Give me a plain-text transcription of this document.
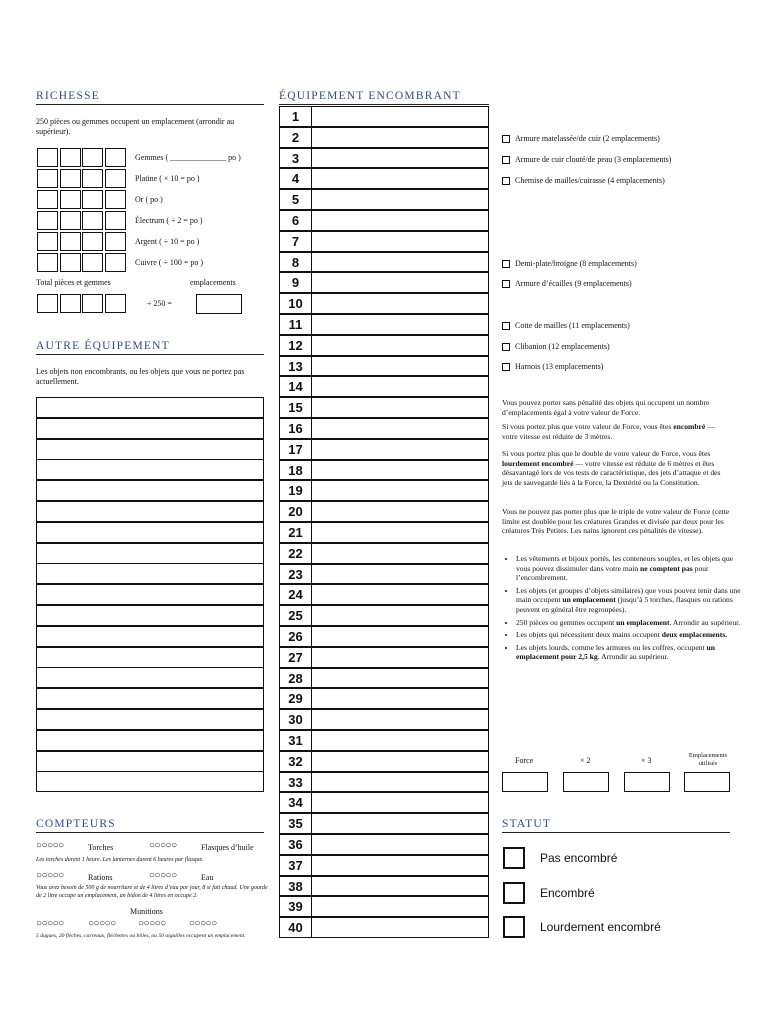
RICHESSE
250 pièces ou gemmes occupent un emplacement (arrondir au supérieur).
Gemmes ( ______________ po )
Platine ( × 10 = po )
Or ( po )
Électrum ( ÷ 2 = po )
Argent ( ÷ 10 = po )
Cuivre ( ÷ 100 = po )
Total pièces et gemmes	emplacements
÷ 250 =
AUTRE ÉQUIPEMENT
Les objets non encombrants, ou les objets que vous ne portez pas actuellement.
COMPTEURS
○○○○○	Torches	○○○○○	Flasques d’huile
Les torches durent 1 heure. Les lanternes durent 6 heures par flasque.
○○○○○	Rations	○○○○○	Eau
Vous avez besoin de 500 g de nourriture et de 4 litres d’eau par jour, 8 si fait chaud. Une gourde de 2 litre occupe un emplacement, un bidon de 4 litres en occupe 2.
Munitions
○○○○○ ○○○○○ ○○○○○ ○○○○○
5 dagues, 20 flèches, carreaux, fléchettes ou billes, ou 50 aiguilles occupent un emplacement.
ÉQUIPEMENT ENCOMBRANT
1
2
3
4
5
6
7
8
9
10
11
12
13
14
15
16
17
18
19
20
21
22
23
24
25
26
27
28
29
30
31
32
33
34
35
36
37
38
39
40
Armure matelassée/de cuir (2 emplacements)
Armure de cuir clouté/de peau (3 emplacements)
Chemise de mailles/cuirasse (4 emplacements)
Demi-plate/broigne (8 emplacements)
Armure d’écailles (9 emplacements)
Cotte de mailles (11 emplacements)
Clibanion (12 emplacements)
Harnois (13 emplacements)
Vous pouvez porter sans pénalité des objets qui occupent un nombre d’emplacements égal à votre valeur de Force.
Si vous portez plus que votre valeur de Force, vous êtes encombré — votre vitesse est réduite de 3 mètres.
Si vous portez plus que le double de votre valeur de Force, vous êtes lourdement encombré — votre vitesse est réduite de 6 mètres et êtes désavantagé lors de vos tests de caractéristique, des jets d’attaque et des jets de sauvegarde liés à la Force, la Dextérité ou la Constitution.
Vous ne pouvez pas porter plus que le triple de votre valeur de Force (cette limite est doublée pour les créatures Grandes et divisée par deux pour les créatures Très Petites. Les nains ignorent ces pénalités de vitesse).
• Les vêtements et bijoux portés, les conteneurs souples, et les objets que vous pouvez dissimuler dans votre main ne comptent pas pour l’encombrement.
• Les objets (et groupes d’objets similaires) que vous pouvez tenir dans une main occupent un emplacement (jusqu’à 5 torches, flasques ou rations peuvent en général être regroupées).
• 250 pièces ou gemmes occupent un emplacement. Arrondir au supérieur.
• Les objets qui nécessitent deux mains occupent deux emplacements.
• Les objets lourds, comme les armures ou les coffres, occupent un emplacement pour 2,5 kg. Arrondir au supérieur.
Force	× 2	× 3
Emplacements utilisés
STATUT
Pas encombré
Encombré
Lourdement encombré
